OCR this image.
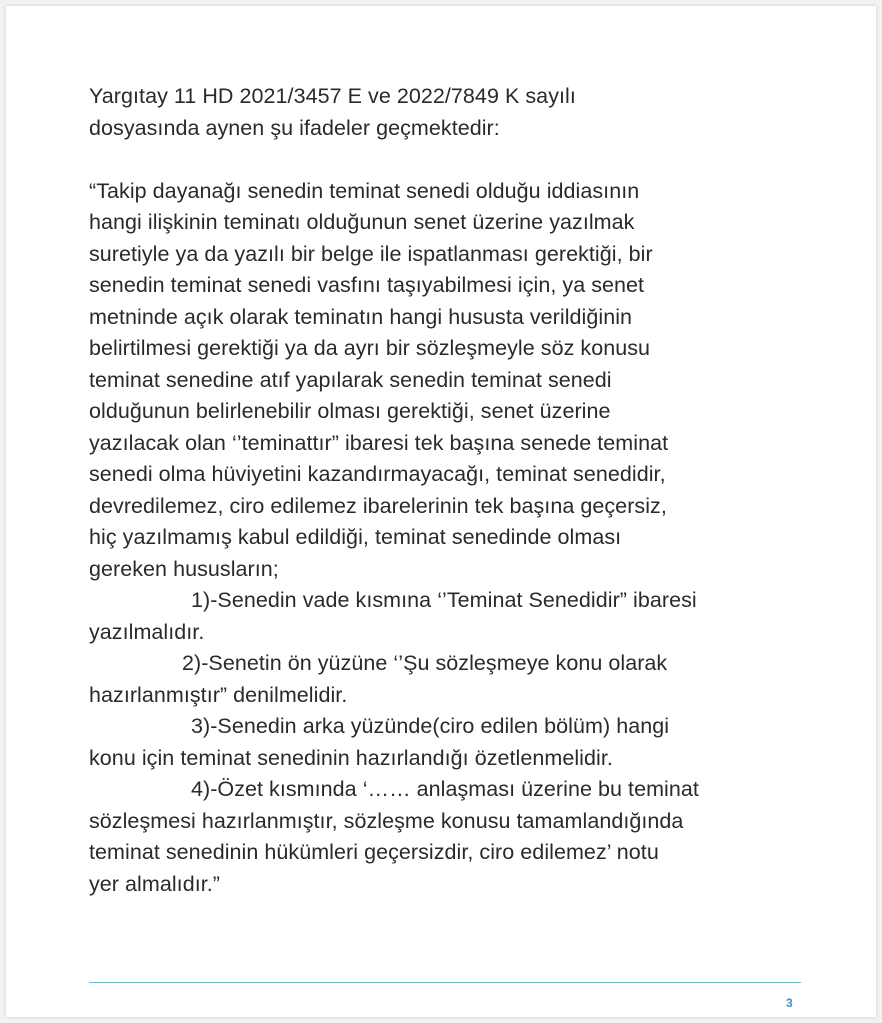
Yargıtay 11 HD 2021/3457 E ve 2022/7849 K sayılı
dosyasında aynen şu ifadeler geçmektedir:
“Takip dayanağı senedin teminat senedi olduğu iddiasının
hangi ilişkinin teminatı olduğunun senet üzerine yazılmak
suretiyle ya da yazılı bir belge ile ispatlanması gerektiği, bir
senedin teminat senedi vasfını taşıyabilmesi için, ya senet
metninde açık olarak teminatın hangi hususta verildiğinin
belirtilmesi gerektiği ya da ayrı bir sözleşmeyle söz konusu
teminat senedine atıf yapılarak senedin teminat senedi
olduğunun belirlenebilir olması gerektiği, senet üzerine
yazılacak olan ‘’teminattır” ibaresi tek başına senede teminat
senedi olma hüviyetini kazandırmayacağı, teminat senedidir,
devredilemez, ciro edilemez ibarelerinin tek başına geçersiz,
hiç yazılmamış kabul edildiği, teminat senedinde olması
gereken hususların;
1)-Senedin vade kısmına ‘’Teminat Senedidir” ibaresi
yazılmalıdır.
2)-Senetin ön yüzüne ‘’Şu sözleşmeye konu olarak
hazırlanmıştır” denilmelidir.
3)-Senedin arka yüzünde(ciro edilen bölüm) hangi
konu için teminat senedinin hazırlandığı özetlenmelidir.
4)-Özet kısmında ‘…… anlaşması üzerine bu teminat
sözleşmesi hazırlanmıştır, sözleşme konusu tamamlandığında
teminat senedinin hükümleri geçersizdir, ciro edilemez’ notu
yer almalıdır.”
3
